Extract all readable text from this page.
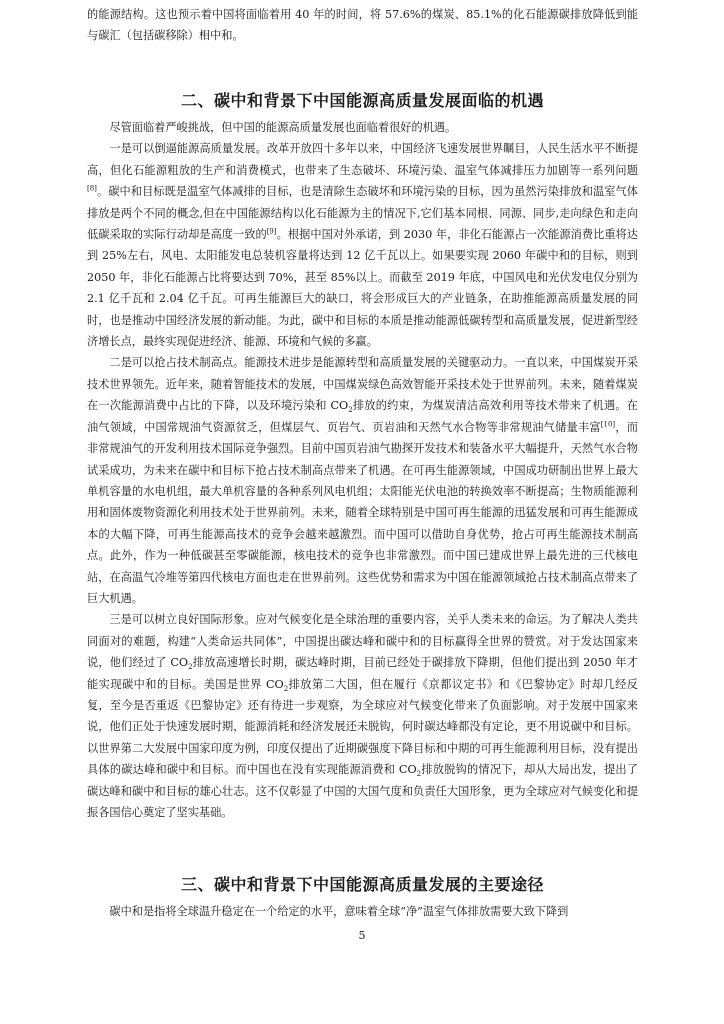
的能源结构。这也预示着中国将面临着用 40 年的时间，将 57.6%的煤炭、85.1%的化石能源碳排放降低到能与碳汇（包括碳移除）相中和。

二、碳中和背景下中国能源高质量发展面临的机遇

尽管面临着严峻挑战，但中国的能源高质量发展也面临着很好的机遇。

一是可以倒逼能源高质量发展。改革开放四十多年以来，中国经济飞速发展世界瞩目，人民生活水平不断提高，但化石能源粗放的生产和消费模式，也带来了生态破坏、环境污染、温室气体减排压力加剧等一系列问题[8]。碳中和目标既是温室气体减排的目标，也是清除生态破坏和环境污染的目标，因为虽然污染排放和温室气体排放是两个不同的概念,但在中国能源结构以化石能源为主的情况下,它们基本同根、同源、同步,走向绿色和走向低碳采取的实际行动却是高度一致的[9]。根据中国对外承诺，到 2030 年，非化石能源占一次能源消费比重将达到 25%左右，风电、太阳能发电总装机容量将达到 12 亿千瓦以上。如果要实现 2060 年碳中和的目标，则到 2050 年，非化石能源占比将要达到 70%，甚至 85%以上。而截至 2019 年底，中国风电和光伏发电仅分别为 2.1 亿千瓦和 2.04 亿千瓦。可再生能源巨大的缺口，将会形成巨大的产业链条，在助推能源高质量发展的同时，也是推动中国经济发展的新动能。为此，碳中和目标的本质是推动能源低碳转型和高质量发展，促进新型经济增长点，最终实现促进经济、能源、环境和气候的多赢。

二是可以抢占技术制高点。能源技术进步是能源转型和高质量发展的关键驱动力。一直以来，中国煤炭开采技术世界领先。近年来，随着智能技术的发展，中国煤炭绿色高效智能开采技术处于世界前列。未来，随着煤炭在一次能源消费中占比的下降，以及环境污染和 $CO_2$排放的约束，为煤炭清洁高效利用等技术带来了机遇。在油气领域，中国常规油气资源贫乏，但煤层气、页岩气、页岩油和天然气水合物等非常规油气储量丰富[10]，而非常规油气的开发利用技术国际竞争强烈。目前中国页岩油气勘探开发技术和装备水平大幅提升，天然气水合物试采成功，为未来在碳中和目标下抢占技术制高点带来了机遇。在可再生能源领域，中国成功研制出世界上最大单机容量的水电机组，最大单机容量的各种系列风电机组；太阳能光伏电池的转换效率不断提高；生物质能源利用和固体废物资源化利用技术处于世界前列。未来，随着全球特别是中国可再生能源的迅猛发展和可再生能源成本的大幅下降，可再生能源高技术的竞争会越来越激烈。而中国可以借助自身优势，抢占可再生能源技术制高点。此外，作为一种低碳甚至零碳能源，核电技术的竞争也非常激烈。而中国已建成世界上最先进的三代核电站，在高温气冷堆等第四代核电方面也走在世界前列。这些优势和需求为中国在能源领域抢占技术制高点带来了巨大机遇。

三是可以树立良好国际形象。应对气候变化是全球治理的重要内容，关乎人类未来的命运。为了解决人类共同面对的难题，构建“人类命运共同体”，中国提出碳达峰和碳中和的目标赢得全世界的赞赏。对于发达国家来说，他们经过了 $CO_2$排放高速增长时期，碳达峰时期，目前已经处于碳排放下降期，但他们提出到 2050 年才能实现碳中和的目标。美国是世界 $CO_2$排放第二大国，但在履行《京都议定书》和《巴黎协定》时却几经反复，至今是否重返《巴黎协定》还有待进一步观察，为全球应对气候变化带来了负面影响。对于发展中国家来说，他们正处于快速发展时期，能源消耗和经济发展还未脱钩，何时碳达峰都没有定论，更不用说碳中和目标。以世界第二大发展中国家印度为例，印度仅提出了近期碳强度下降目标和中期的可再生能源利用目标，没有提出具体的碳达峰和碳中和目标。而中国也在没有实现能源消费和 $CO_2$排放脱钩的情况下，却从大局出发，提出了碳达峰和碳中和目标的雄心壮志。这不仅彰显了中国的大国气度和负责任大国形象，更为全球应对气候变化和提振各国信心奠定了坚实基础。

三、碳中和背景下中国能源高质量发展的主要途径

碳中和是指将全球温升稳定在一个给定的水平，意味着全球“净”温室气体排放需要大致下降到

5
